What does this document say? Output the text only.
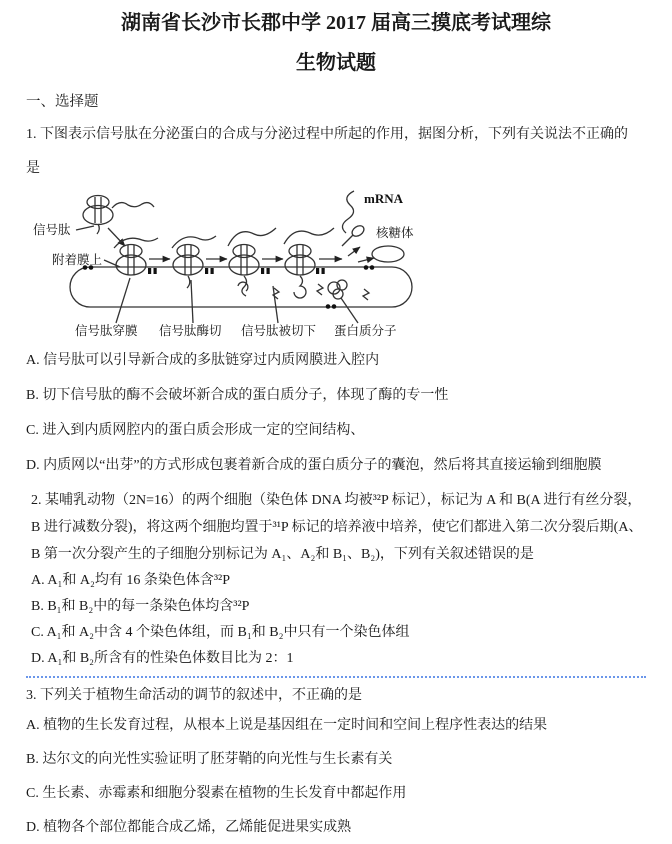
湖南省长沙市长郡中学 2017 届高三摸底考试理综
生物试题
一、选择题

1. 下图表示信号肽在分泌蛋白的合成与分泌过程中所起的作用，据图分析，下列有关说法不正确的是

信号肽
附着膜上
mRNA
核糖体
信号肽穿膜 信号肽酶切 信号肽被切下 蛋白质分子

A. 信号肽可以引导新合成的多肽链穿过内质网膜进入腔内

B. 切下信号肽的酶不会破坏新合成的蛋白质分子，体现了酶的专一性

C. 进入到内质网腔内的蛋白质会形成一定的空间结构、

D. 内质网以“出芽”的方式形成包裹着新合成的蛋白质分子的囊泡，然后将其直接运输到细胞膜

2. 某哺乳动物（2N=16）的两个细胞（染色体 DNA 均被³²P 标记），标记为 A 和 B(A 进行有丝分裂，B 进行减数分裂)，将这两个细胞均置于³¹P 标记的培养液中培养，使它们都进入第二次分裂后期(A、B 第一次分裂产生的子细胞分别标记为 A₁、A₂和 B₁、B₂)，下列有关叙述错误的是

A. A₁和 A₂均有 16 条染色体含³²P

B. B₁和 B₂中的每一条染色体均含³²P

C. A₁和 A₂中含 4 个染色体组，而 B₁和 B₂中只有一个染色体组

D. A₁和 B₂所含有的性染色体数目比为 2：1

3. 下列关于植物生命活动的调节的叙述中，不正确的是

A. 植物的生长发育过程，从根本上说是基因组在一定时间和空间上程序性表达的结果

B. 达尔文的向光性实验证明了胚芽鞘的向光性与生长素有关

C. 生长素、赤霉素和细胞分裂素在植物的生长发育中都起作用

D. 植物各个部位都能合成乙烯，乙烯能促进果实成熟
